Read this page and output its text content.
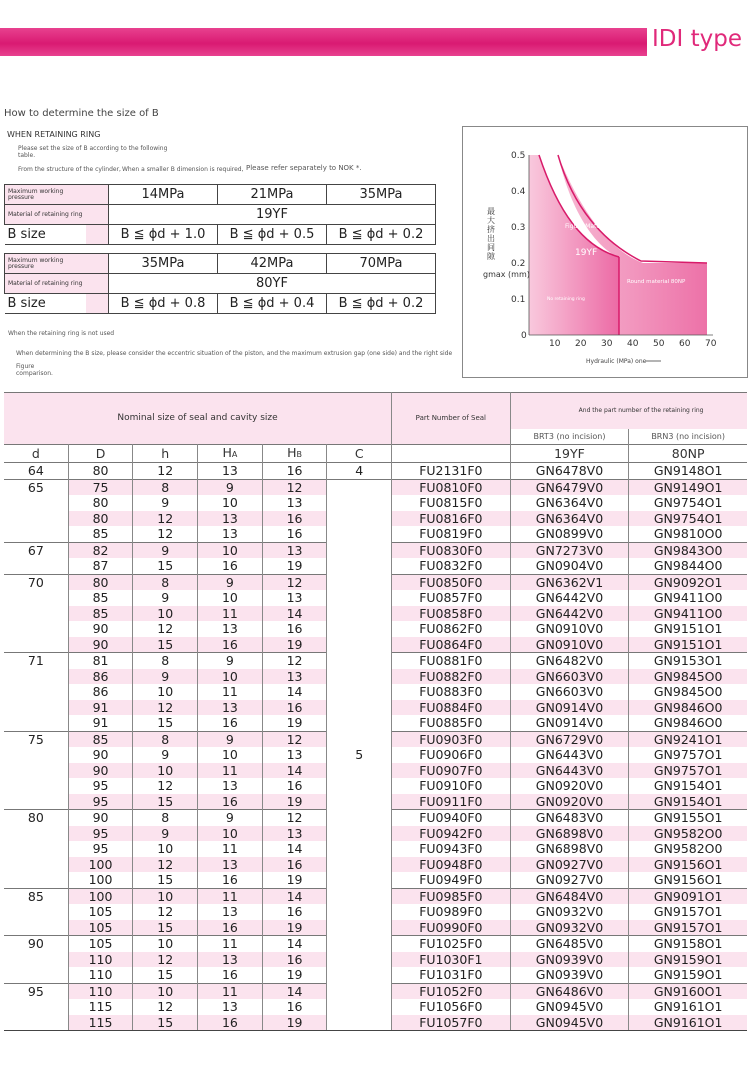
IDI type
How to determine the size of B
WHEN RETAINING RING
Please set the size of B according to the following table.
From the structure of the cylinder, When a smaller B dimension is required, Please refer separately to NOK *.
Maximum working pressure		14MPa	21MPa	35MPa
Material of retaining ring		19YF		
B size		B ≦ ϕd + 1.0	B ≦ ϕd + 0.5	B ≦ ϕd + 0.2
Maximum working pressure		35MPa	42MPa	70MPa
Material of retaining ring		80YF		
B size		B ≦ ϕd + 0.8	B ≦ ϕd + 0.4	B ≦ ϕd + 0.2
When the retaining ring is not used
When determining the B size, please consider the eccentric situation of the piston, and the maximum extrusion gap (one side) and the right side
Figure comparison.
0.5
0.4
0.3
0.2
0.1
0
10 20 30 40 50 60 70
Hydraulic (MPa) one
gmax (mm)
Figure Mate...
19YF
Round material 80NP
No retaining ring
最大挤出间隙
Nominal size of seal and cavity size						Part Number of Seal	And the part number of the retaining ring	
							BRT3 (no incision)	BRN3 (no incision)
d	D	h	HA	HB	C		19YF	80NP
64	80	12	13	16	4	FU2131F0	GN6478V0	GN9148O1
65	75	8	9	12		FU0810F0	GN6479V0	GN9149O1
	80	9	10	13		FU0815F0	GN6364V0	GN9754O1
	80	12	13	16		FU0816F0	GN6364V0	GN9754O1
	85	12	13	16		FU0819F0	GN0899V0	GN9810O0
67	82	9	10	13		FU0830F0	GN7273V0	GN9843O0
	87	15	16	19		FU0832F0	GN0904V0	GN9844O0
70	80	8	9	12		FU0850F0	GN6362V1	GN9092O1
	85	9	10	13		FU0857F0	GN6442V0	GN9411O0
	85	10	11	14		FU0858F0	GN6442V0	GN9411O0
	90	12	13	16		FU0862F0	GN0910V0	GN9151O1
	90	15	16	19		FU0864F0	GN0910V0	GN9151O1
71	81	8	9	12		FU0881F0	GN6482V0	GN9153O1
	86	9	10	13		FU0882F0	GN6603V0	GN9845O0
	86	10	11	14		FU0883F0	GN6603V0	GN9845O0
	91	12	13	16		FU0884F0	GN0914V0	GN9846O0
	91	15	16	19		FU0885F0	GN0914V0	GN9846O0
75	85	8	9	12		FU0903F0	GN6729V0	GN9241O1
	90	9	10	13	5	FU0906F0	GN6443V0	GN9757O1
	90	10	11	14		FU0907F0	GN6443V0	GN9757O1
	95	12	13	16		FU0910F0	GN0920V0	GN9154O1
	95	15	16	19		FU0911F0	GN0920V0	GN9154O1
80	90	8	9	12		FU0940F0	GN6483V0	GN9155O1
	95	9	10	13		FU0942F0	GN6898V0	GN9582O0
	95	10	11	14		FU0943F0	GN6898V0	GN9582O0
	100	12	13	16		FU0948F0	GN0927V0	GN9156O1
	100	15	16	19		FU0949F0	GN0927V0	GN9156O1
85	100	10	11	14		FU0985F0	GN6484V0	GN9091O1
	105	12	13	16		FU0989F0	GN0932V0	GN9157O1
	105	15	16	19		FU0990F0	GN0932V0	GN9157O1
90	105	10	11	14		FU1025F0	GN6485V0	GN9158O1
	110	12	13	16		FU1030F1	GN0939V0	GN9159O1
	110	15	16	19		FU1031F0	GN0939V0	GN9159O1
95	110	10	11	14		FU1052F0	GN6486V0	GN9160O1
	115	12	13	16		FU1056F0	GN0945V0	GN9161O1
	115	15	16	19		FU1057F0	GN0945V0	GN9161O1
